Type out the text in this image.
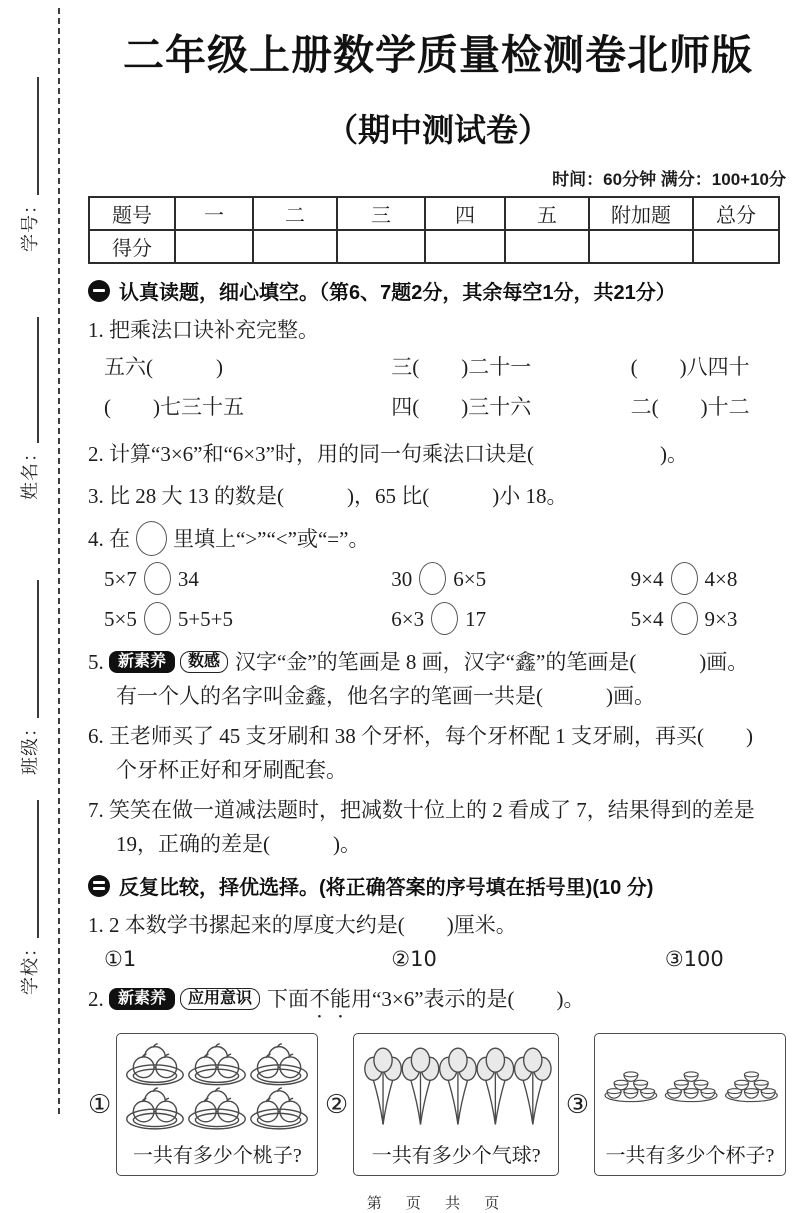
学号：
姓名：
班级：
学校：
二年级上册数学质量检测卷北师版
（期中测试卷）
时间：60分钟 满分：100+10分
题号	一	二	三	四	五	附加题	总分
得分							
认真读题，细心填空。（第6、7题2分，其余每空1分，共21分）
1. 把乘法口诀补充完整。
五六(　　　)	三(　　)二十一	(　　)八四十
(　　)七三十五	四(　　)三十六	二(　　)十二
2. 计算“3×6”和“6×3”时，用的同一句乘法口诀是(　　　　　　)。
3. 比 28 大 13 的数是(　　　)，65 比(　　　)小 18。
4. 在 里填上“>”“<”或“=”。
5×7 34	30 6×5	9×4 4×8
5×5 5+5+5	6×3 17	5×4 9×3
5. 新素养 数感 汉字“金”的笔画是 8 画，汉字“鑫”的笔画是(　　　)画。
有一个人的名字叫金鑫，他名字的笔画一共是(　　　)画。
6. 王老师买了 45 支牙刷和 38 个牙杯，每个牙杯配 1 支牙刷，再买(　　)
个牙杯正好和牙刷配套。
7. 笑笑在做一道减法题时，把减数十位上的 2 看成了 7，结果得到的差是
19，正确的差是(　　　)。
反复比较，择优选择。(将正确答案的序号填在括号里)(10 分)
1. 2 本数学书摞起来的厚度大约是(　　)厘米。
①1	②10	③100
2. 新素养 应用意识 下面不能用“3×6”表示的是(　　)。
①
一共有多少个桃子?
②
一共有多少个气球?
③
一共有多少个杯子?
第 页 共 页
